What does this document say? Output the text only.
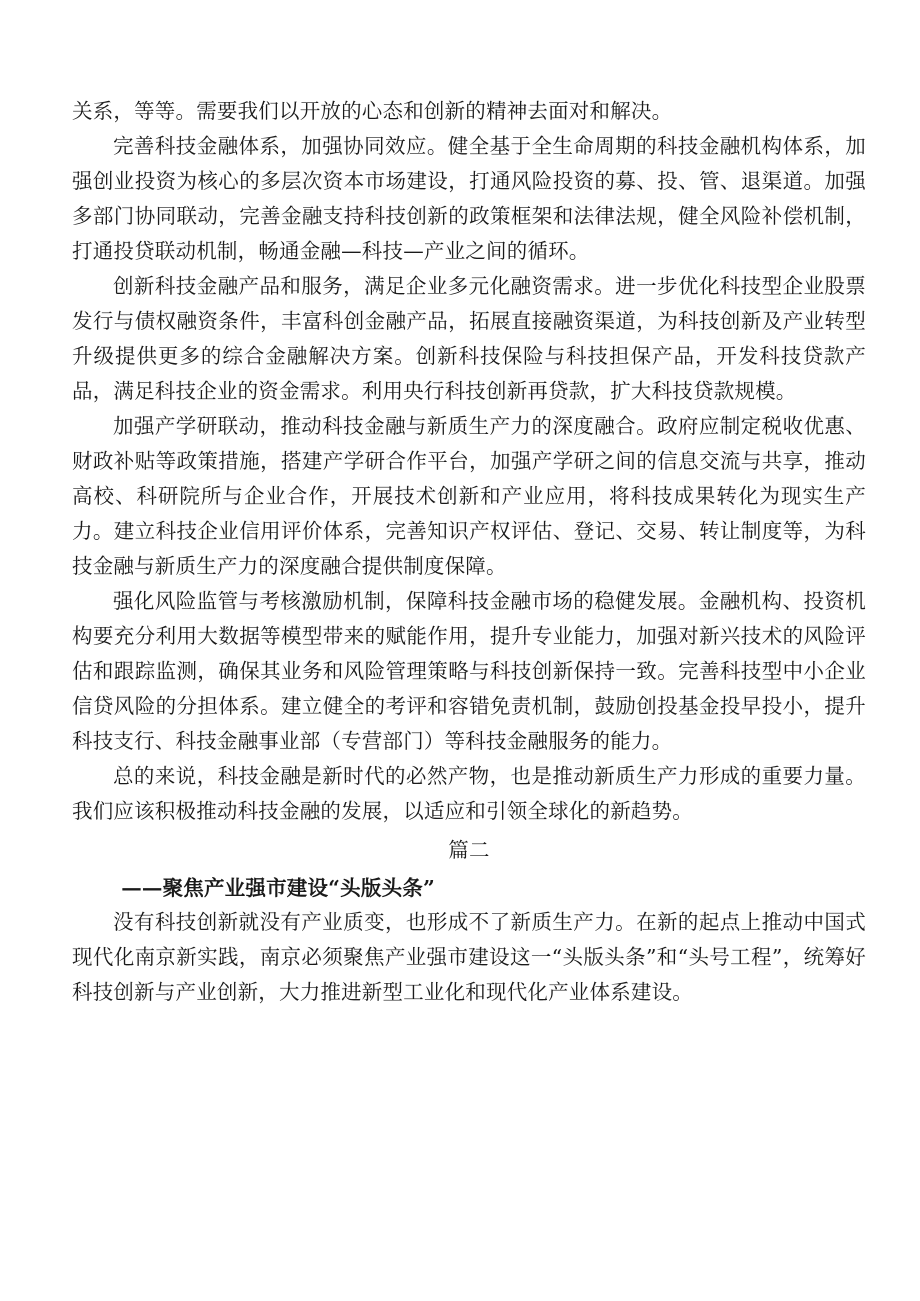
关系，等等。需要我们以开放的心态和创新的精神去面对和解决。

完善科技金融体系，加强协同效应。健全基于全生命周期的科技金融机构体系，加强创业投资为核心的多层次资本市场建设，打通风险投资的募、投、管、退渠道。加强多部门协同联动，完善金融支持科技创新的政策框架和法律法规，健全风险补偿机制，打通投贷联动机制，畅通金融—科技—产业之间的循环。

创新科技金融产品和服务，满足企业多元化融资需求。进一步优化科技型企业股票发行与债权融资条件，丰富科创金融产品，拓展直接融资渠道，为科技创新及产业转型升级提供更多的综合金融解决方案。创新科技保险与科技担保产品，开发科技贷款产品，满足科技企业的资金需求。利用央行科技创新再贷款，扩大科技贷款规模。

加强产学研联动，推动科技金融与新质生产力的深度融合。政府应制定税收优惠、财政补贴等政策措施，搭建产学研合作平台，加强产学研之间的信息交流与共享，推动高校、科研院所与企业合作，开展技术创新和产业应用，将科技成果转化为现实生产力。建立科技企业信用评价体系，完善知识产权评估、登记、交易、转让制度等，为科技金融与新质生产力的深度融合提供制度保障。

强化风险监管与考核激励机制，保障科技金融市场的稳健发展。金融机构、投资机构要充分利用大数据等模型带来的赋能作用，提升专业能力，加强对新兴技术的风险评估和跟踪监测，确保其业务和风险管理策略与科技创新保持一致。完善科技型中小企业信贷风险的分担体系。建立健全的考评和容错免责机制，鼓励创投基金投早投小，提升科技支行、科技金融事业部（专营部门）等科技金融服务的能力。

总的来说，科技金融是新时代的必然产物，也是推动新质生产力形成的重要力量。我们应该积极推动科技金融的发展，以适应和引领全球化的新趋势。

篇二

——聚焦产业强市建设“头版头条”

没有科技创新就没有产业质变，也形成不了新质生产力。在新的起点上推动中国式现代化南京新实践，南京必须聚焦产业强市建设这一“头版头条”和“头号工程”，统筹好科技创新与产业创新，大力推进新型工业化和现代化产业体系建设。
